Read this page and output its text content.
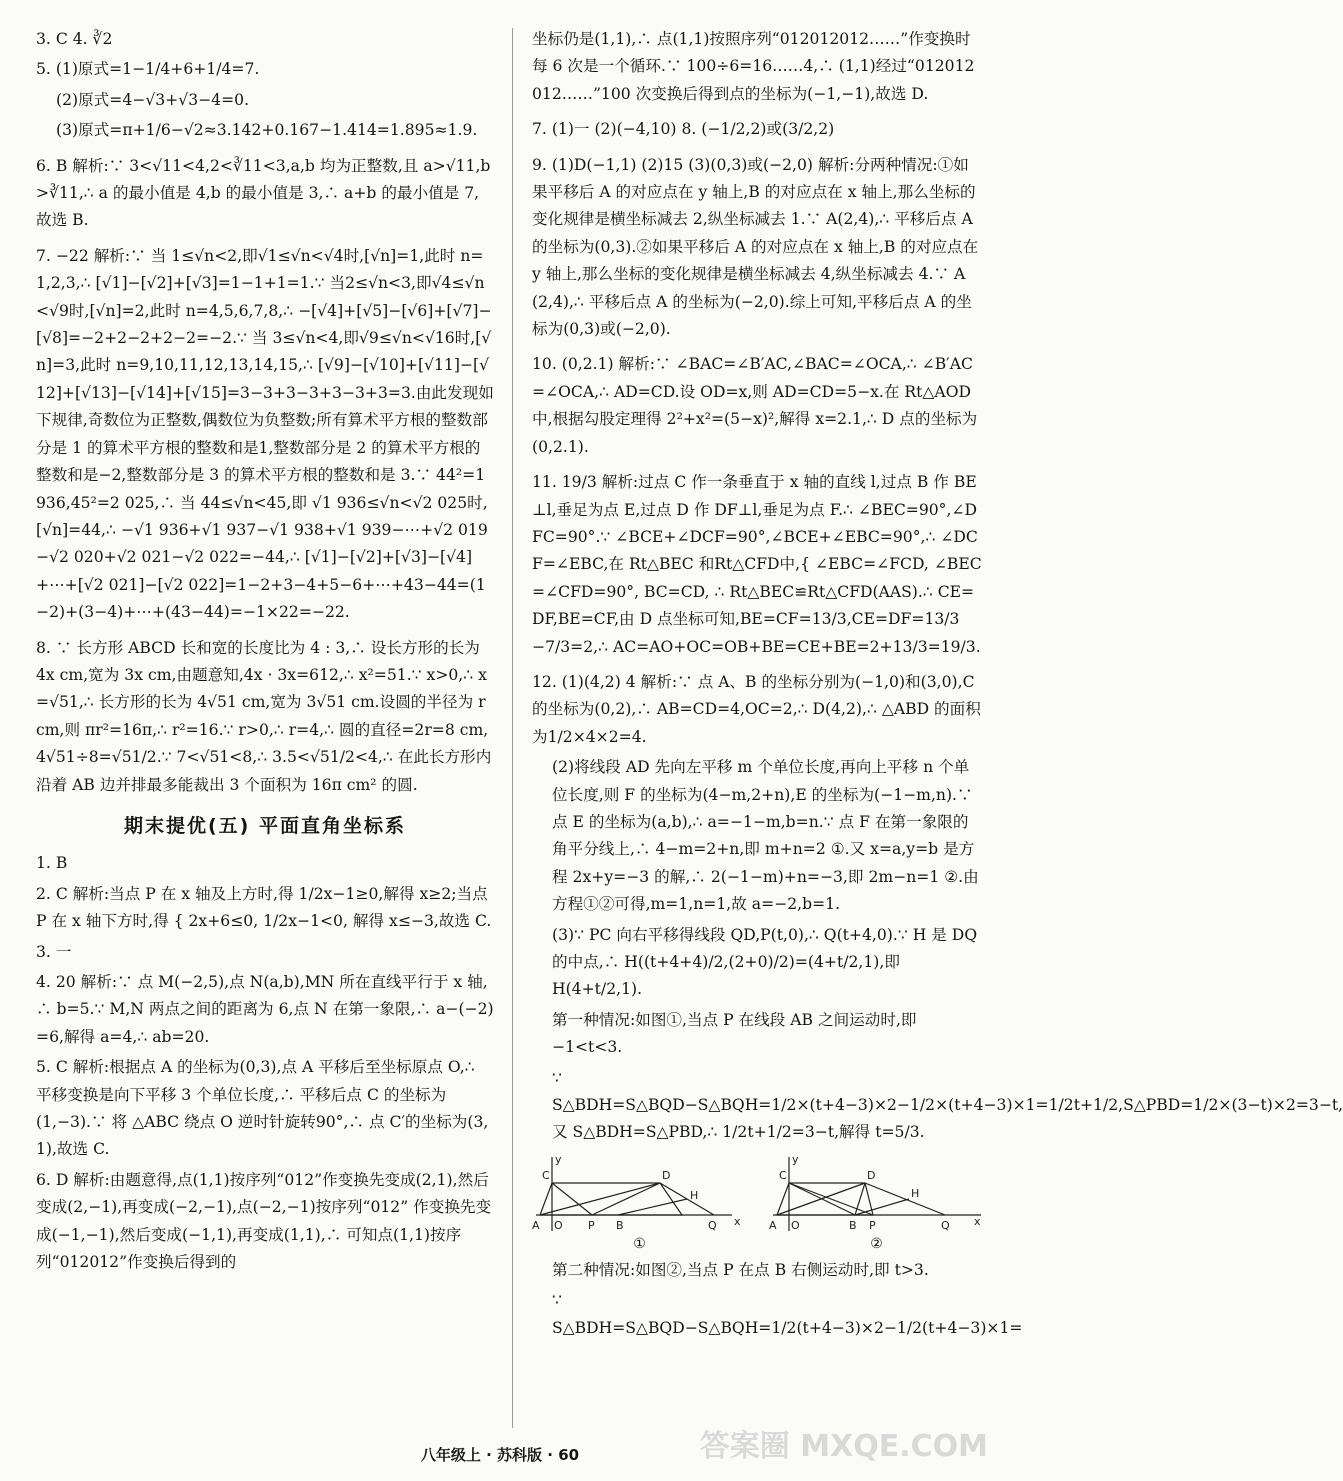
3. C 4. ∛2
5. (1)原式=1−1/4+6+1/4=7.
(2)原式=4−√3+√3−4=0.
(3)原式=π+1/6−√2≈3.142+0.167−1.414=1.895≈1.9.
6. B 解析:∵ 3<√11<4,2<∛11<3,a,b 均为正整数,且 a>√11,b>∛11,∴ a 的最小值是 4,b 的最小值是 3,∴ a+b 的最小值是 7,故选 B.
7. −22 解析:∵ 当 1≤√n<2,即√1≤√n<√4时,[√n]=1,此时 n=1,2,3,∴ [√1]−[√2]+[√3]=1−1+1=1.∵ 当2≤√n<3,即√4≤√n<√9时,[√n]=2,此时 n=4,5,6,7,8,∴ −[√4]+[√5]−[√6]+[√7]−[√8]=−2+2−2+2−2=−2.∵ 当 3≤√n<4,即√9≤√n<√16时,[√n]=3,此时 n=9,10,11,12,13,14,15,∴ [√9]−[√10]+[√11]−[√12]+[√13]−[√14]+[√15]=3−3+3−3+3−3+3=3.由此发现如下规律,奇数位为正整数,偶数位为负整数;所有算术平方根的整数部分是 1 的算术平方根的整数和是1,整数部分是 2 的算术平方根的整数和是−2,整数部分是 3 的算术平方根的整数和是 3.∵ 44²=1 936,45²=2 025,∴ 当 44≤√n<45,即 √1 936≤√n<√2 025时,[√n]=44,∴ −√1 936+√1 937−√1 938+√1 939−⋯+√2 019−√2 020+√2 021−√2 022=−44,∴ [√1]−[√2]+[√3]−[√4]+⋯+[√2 021]−[√2 022]=1−2+3−4+5−6+⋯+43−44=(1−2)+(3−4)+⋯+(43−44)=−1×22=−22.
8. ∵ 长方形 ABCD 长和宽的长度比为 4 : 3,∴ 设长方形的长为 4x cm,宽为 3x cm,由题意知,4x · 3x=612,∴ x²=51.∵ x>0,∴ x=√51,∴ 长方形的长为 4√51 cm,宽为 3√51 cm.设圆的半径为 r cm,则 πr²=16π,∴ r²=16.∵ r>0,∴ r=4,∴ 圆的直径=2r=8 cm,4√51÷8=√51/2.∵ 7<√51<8,∴ 3.5<√51/2<4,∴ 在此长方形内沿着 AB 边并排最多能裁出 3 个面积为 16π cm² 的圆.
期末提优(五) 平面直角坐标系
1. B
2. C 解析:当点 P 在 x 轴及上方时,得 1/2x−1≥0,解得 x≥2;当点 P 在 x 轴下方时,得 { 2x+6≤0, 1/2x−1<0, 解得 x≤−3,故选 C.
3. 一
4. 20 解析:∵ 点 M(−2,5),点 N(a,b),MN 所在直线平行于 x 轴,∴ b=5.∵ M,N 两点之间的距离为 6,点 N 在第一象限,∴ a−(−2)=6,解得 a=4,∴ ab=20.
5. C 解析:根据点 A 的坐标为(0,3),点 A 平移后至坐标原点 O,∴ 平移变换是向下平移 3 个单位长度,∴ 平移后点 C 的坐标为(1,−3).∵ 将 △ABC 绕点 O 逆时针旋转90°,∴ 点 C′的坐标为(3,1),故选 C.
6. D 解析:由题意得,点(1,1)按序列“012”作变换先变成(2,1),然后变成(2,−1),再变成(−2,−1),点(−2,−1)按序列“012” 作变换先变成(−1,−1),然后变成(−1,1),再变成(1,1),∴ 可知点(1,1)按序列“012012”作变换后得到的
坐标仍是(1,1),∴ 点(1,1)按照序列“012012012……”作变换时每 6 次是一个循环.∵ 100÷6=16……4,∴ (1,1)经过“012012012……”100 次变换后得到点的坐标为(−1,−1),故选 D.
7. (1)一 (2)(−4,10) 8. (−1/2,2)或(3/2,2)
9. (1)D(−1,1) (2)15 (3)(0,3)或(−2,0) 解析:分两种情况:①如果平移后 A 的对应点在 y 轴上,B 的对应点在 x 轴上,那么坐标的变化规律是横坐标减去 2,纵坐标减去 1.∵ A(2,4),∴ 平移后点 A 的坐标为(0,3).②如果平移后 A 的对应点在 x 轴上,B 的对应点在 y 轴上,那么坐标的变化规律是横坐标减去 4,纵坐标减去 4.∵ A(2,4),∴ 平移后点 A 的坐标为(−2,0).综上可知,平移后点 A 的坐标为(0,3)或(−2,0).
10. (0,2.1) 解析:∵ ∠BAC=∠B′AC,∠BAC=∠OCA,∴ ∠B′AC=∠OCA,∴ AD=CD.设 OD=x,则 AD=CD=5−x.在 Rt△AOD 中,根据勾股定理得 2²+x²=(5−x)²,解得 x=2.1,∴ D 点的坐标为(0,2.1).
11. 19/3 解析:过点 C 作一条垂直于 x 轴的直线 l,过点 B 作 BE⊥l,垂足为点 E,过点 D 作 DF⊥l,垂足为点 F.∴ ∠BEC=90°,∠DFC=90°.∵ ∠BCE+∠DCF=90°,∠BCE+∠EBC=90°,∴ ∠DCF=∠EBC,在 Rt△BEC 和Rt△CFD中,{ ∠EBC=∠FCD, ∠BEC=∠CFD=90°, BC=CD, ∴ Rt△BEC≌Rt△CFD(AAS).∴ CE=DF,BE=CF,由 D 点坐标可知,BE=CF=13/3,CE=DF=13/3−7/3=2,∴ AC=AO+OC=OB+BE=CE+BE=2+13/3=19/3.
12. (1)(4,2) 4 解析:∵ 点 A、B 的坐标分别为(−1,0)和(3,0),C 的坐标为(0,2),∴ AB=CD=4,OC=2,∴ D(4,2),∴ △ABD 的面积为1/2×4×2=4.
(2)将线段 AD 先向左平移 m 个单位长度,再向上平移 n 个单位长度,则 F 的坐标为(4−m,2+n),E 的坐标为(−1−m,n).∵ 点 E 的坐标为(a,b),∴ a=−1−m,b=n.∵ 点 F 在第一象限的角平分线上,∴ 4−m=2+n,即 m+n=2 ①.又 x=a,y=b 是方程 2x+y=−3 的解,∴ 2(−1−m)+n=−3,即 2m−n=1 ②.由方程①②可得,m=1,n=1,故 a=−2,b=1.
(3)∵ PC 向右平移得线段 QD,P(t,0),∴ Q(t+4,0).∵ H 是 DQ 的中点,∴ H((t+4+4)/2,(2+0)/2)=(4+t/2,1),即 H(4+t/2,1).
第一种情况:如图①,当点 P 在线段 AB 之间运动时,即 −1<t<3.
∵ S△BDH=S△BQD−S△BQH=1/2×(t+4−3)×2−1/2×(t+4−3)×1=1/2t+1/2,S△PBD=1/2×(3−t)×2=3−t,又 S△BDH=S△PBD,∴ 1/2t+1/2=3−t,解得 t=5/3.
y
C	D
H
A O P B	Q x
①
y
C	D
H
A O	B P	Q x
②
第二种情况:如图②,当点 P 在点 B 右侧运动时,即 t>3.
∵ S△BDH=S△BQD−S△BQH=1/2(t+4−3)×2−1/2(t+4−3)×1=
八年级上 · 苏科版 · 60	答案圈 MXQE.COM
